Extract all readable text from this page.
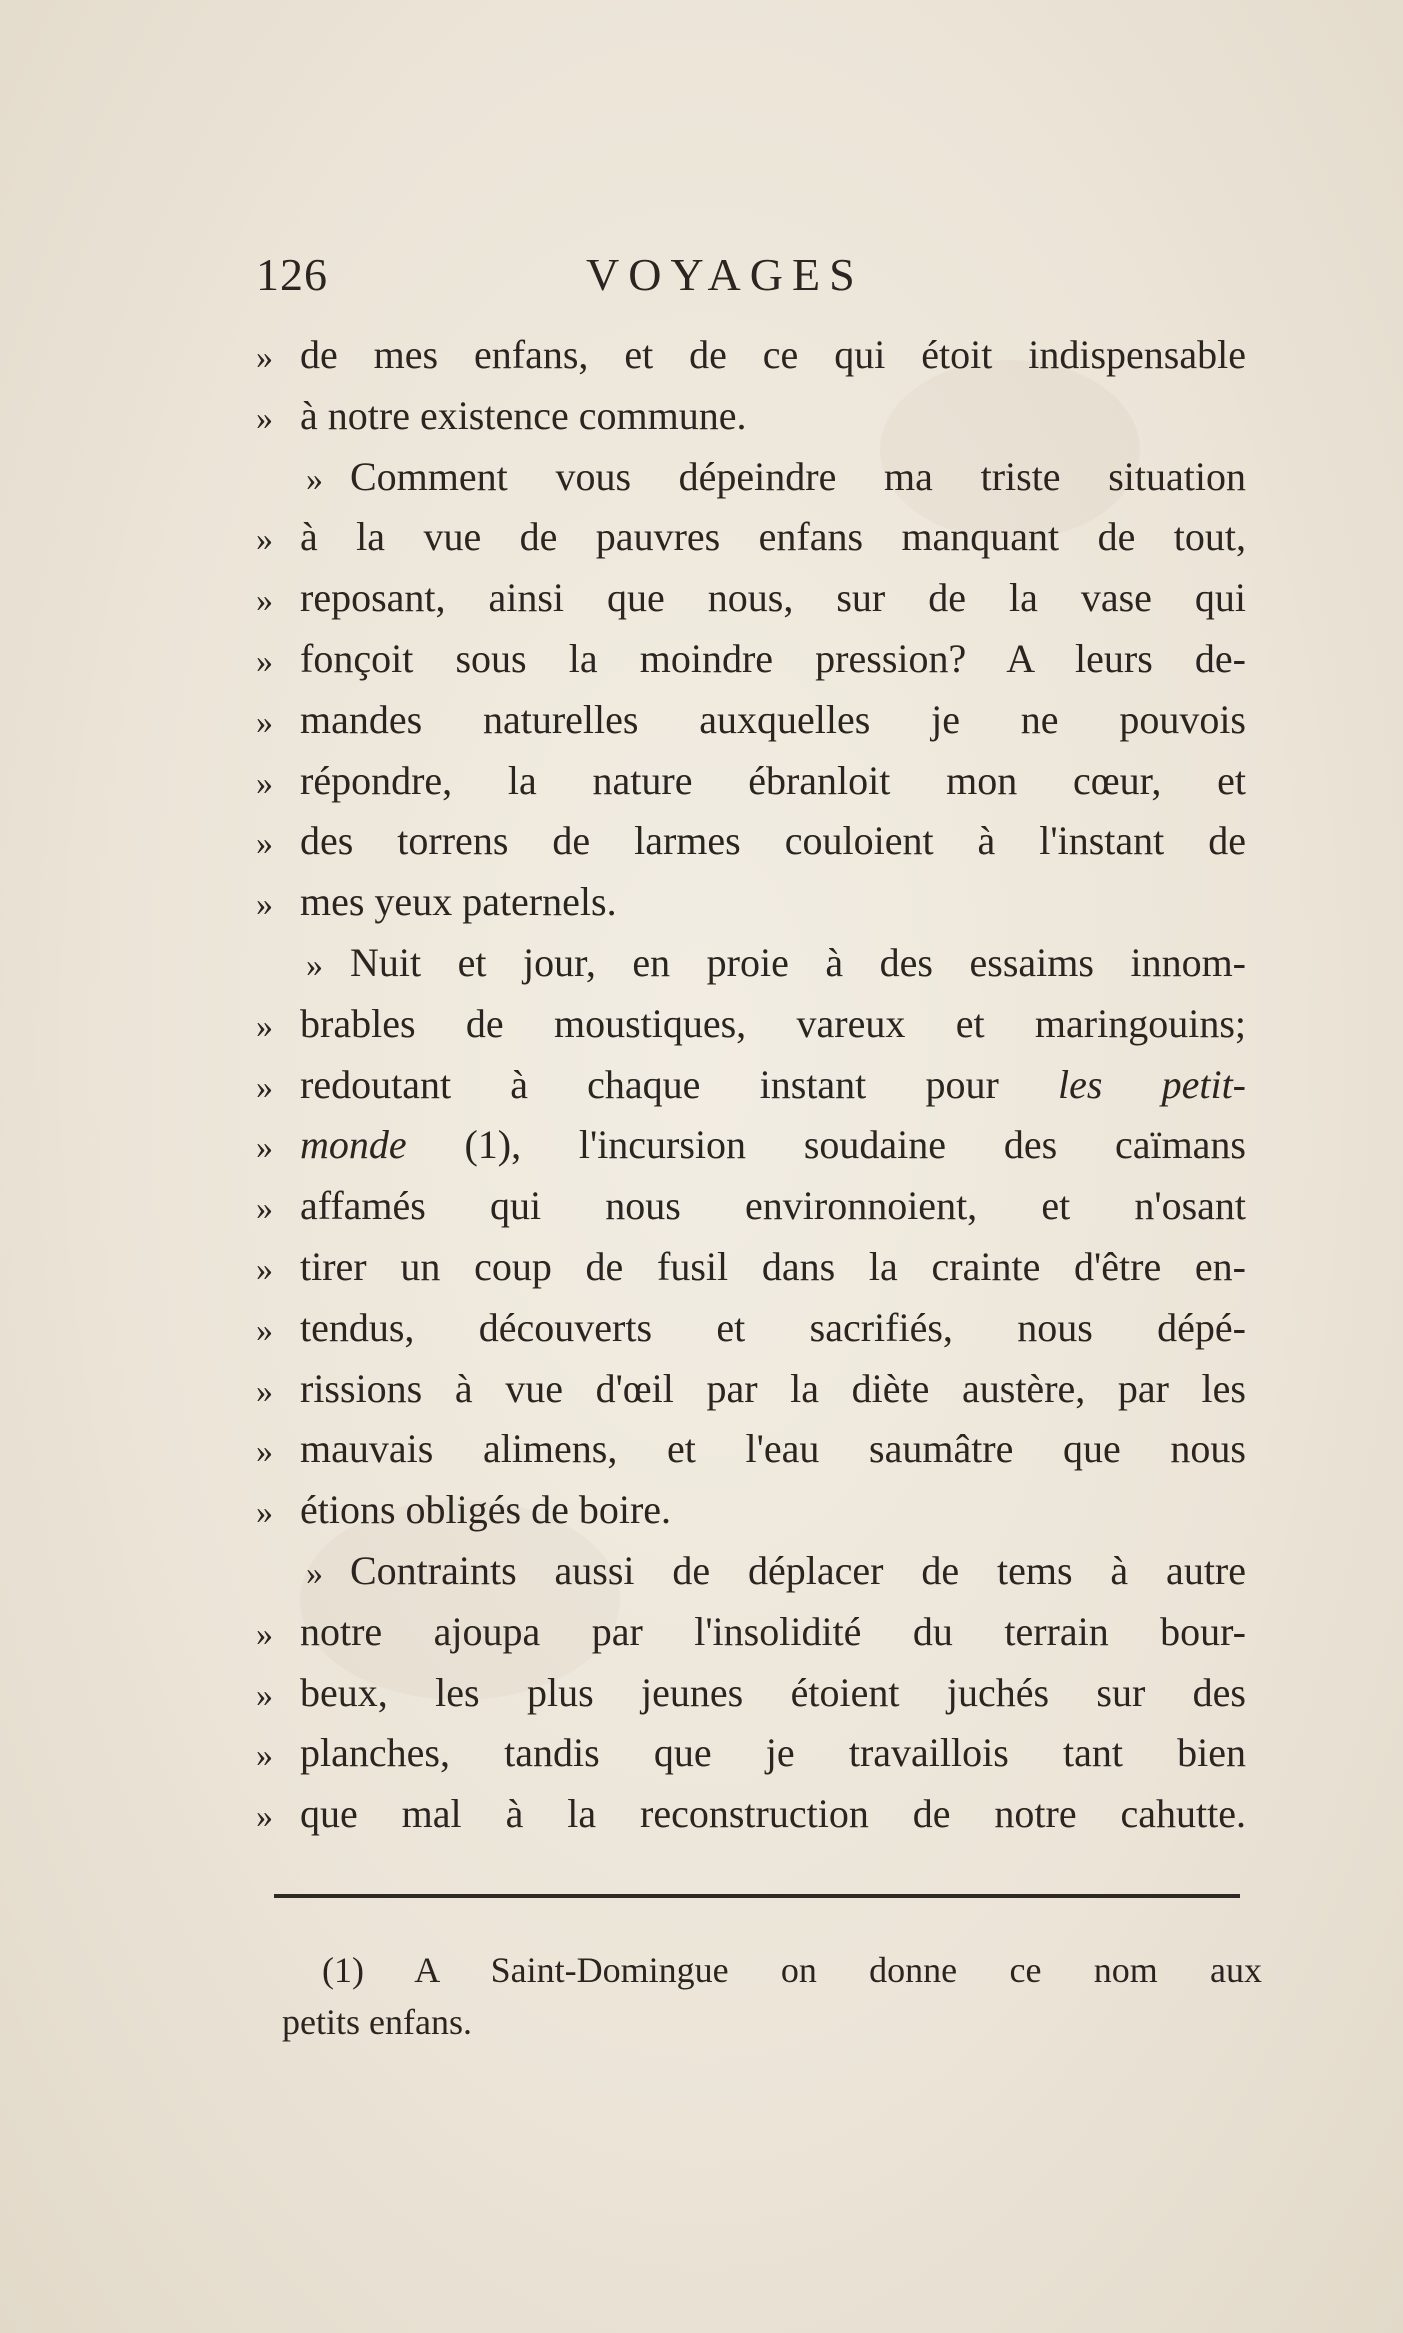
126	VOYAGES
» de mes enfans, et de ce qui étoit indispensable
» à notre existence commune.
» Comment vous dépeindre ma triste situation
» à la vue de pauvres enfans manquant de tout,
» reposant, ainsi que nous, sur de la vase qui
» fonçoit sous la moindre pression? A leurs de-
» mandes naturelles auxquelles je ne pouvois
» répondre, la nature ébranloit mon cœur, et
» des torrens de larmes couloient à l'instant de
» mes yeux paternels.
» Nuit et jour, en proie à des essaims innom-
» brables de moustiques, vareux et maringouins;
» redoutant à chaque instant pour les petit-
» monde (1), l'incursion soudaine des caïmans
» affamés qui nous environnoient, et n'osant
» tirer un coup de fusil dans la crainte d'être en-
» tendus, découverts et sacrifiés, nous dépé-
» rissions à vue d'œil par la diète austère, par les
» mauvais alimens, et l'eau saumâtre que nous
» étions obligés de boire.
» Contraints aussi de déplacer de tems à autre
» notre ajoupa par l'insolidité du terrain bour-
» beux, les plus jeunes étoient juchés sur des
» planches, tandis que je travaillois tant bien
» que mal à la reconstruction de notre cahutte.
(1) A Saint-Domingue on donne ce nom aux
petits enfans.
